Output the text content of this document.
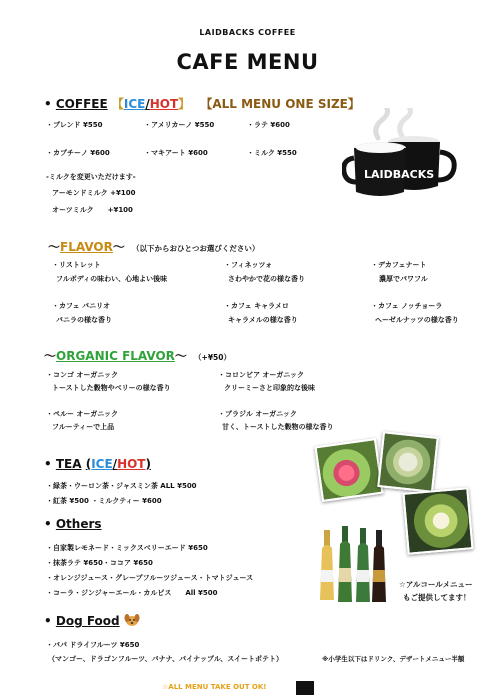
LAIDBACKS COFFEE
CAFE MENU
• COFFEE 【ICE/HOT】 【ALL MENU ONE SIZE】
・ブレンド ¥550	・アメリカーノ ¥550	・ラテ ¥600
・カプチーノ ¥600	・マキアート ¥600	・ミルク ¥550
-ミルクを変更いただけます-
アーモンドミルク +¥100
オーツミルク　　+¥100
LAIDBACKS
〜FLAVOR〜 （以下からおひとつお選びください）
・リストレット
フルボディの味わい、心地よい後味
・フィネッツォ
さわやかで花の様な香り
・デカフェナート
濃厚でパワフル
・カフェ バニリオ
バニラの様な香り
・カフェ キャラメロ
キャラメルの様な香り
・カフェ ノッチョーラ
ヘーゼルナッツの様な香り
〜ORGANIC FLAVOR〜 （+¥50）
・コンゴ オーガニック
トーストした穀物やベリーの様な香り
・コロンビア オーガニック
クリーミーさと印象的な後味
・ペルー オーガニック
フルーティーで上品
・ブラジル オーガニック
甘く、トーストした穀物の様な香り
• TEA (ICE/HOT)
・緑茶・ウーロン茶・ジャスミン茶 ALL ¥500
・紅茶 ¥500 ・ミルクティー ¥600
• Others
・自家製レモネード・ミックスベリーエード ¥650
・抹茶ラテ ¥650・ココア ¥650
・オレンジジュース・グレープフルーツジュース・トマトジュース
・コーラ・ジンジャーエール・カルピス　　All ¥500
☆アルコールメニュー
もご提供してます！
• Dog Food
・パパ ドライフルーツ ¥650
（マンゴー、ドラゴンフルーツ、バナナ、パイナップル、スイートポテト）	※小学生以下はドリンク、デザートメニュー半額
☆ALL MENU TAKE OUT OK!
